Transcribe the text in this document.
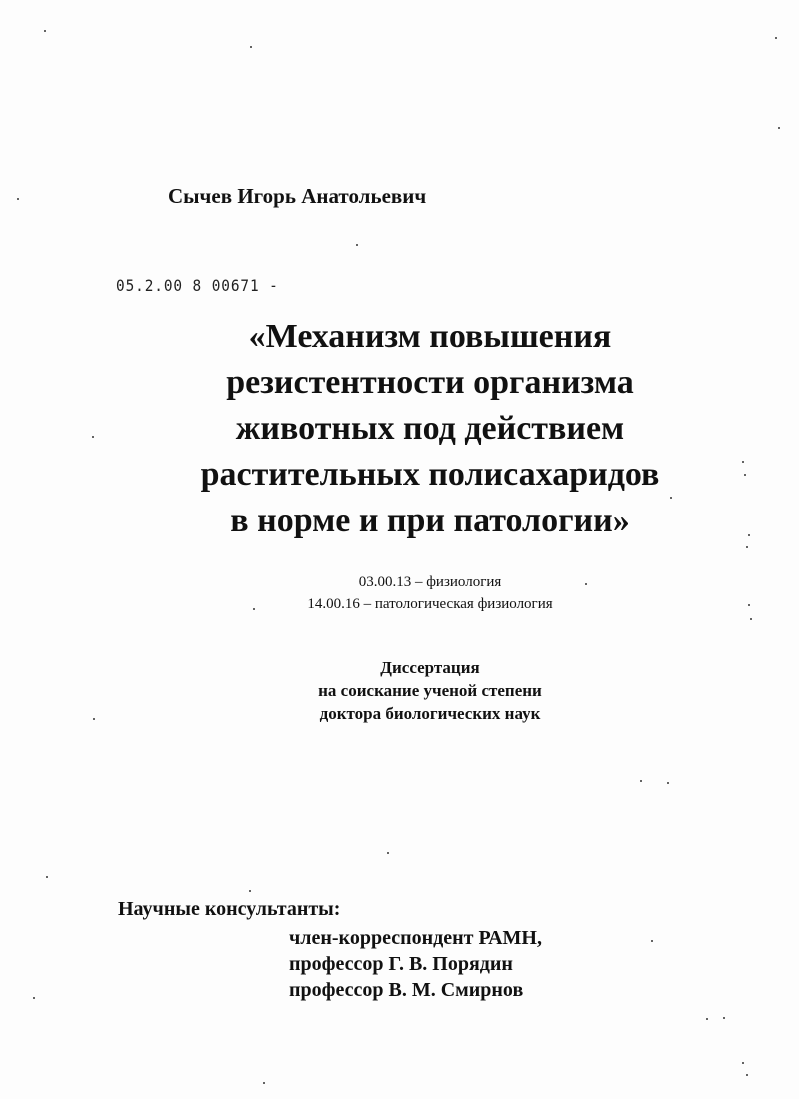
Сычев Игорь Анатольевич
05.2.00 8 00671 -
«Механизм повышения
резистентности организма
животных под действием
растительных полисахаридов
в норме и при патологии»
03.00.13 – физиология
14.00.16 – патологическая физиология
Диссертация
на соискание ученой степени
доктора биологических наук
Научные консультанты:
член-корреспондент РАМН,
профессор Г. В. Порядин
профессор В. М. Смирнов
